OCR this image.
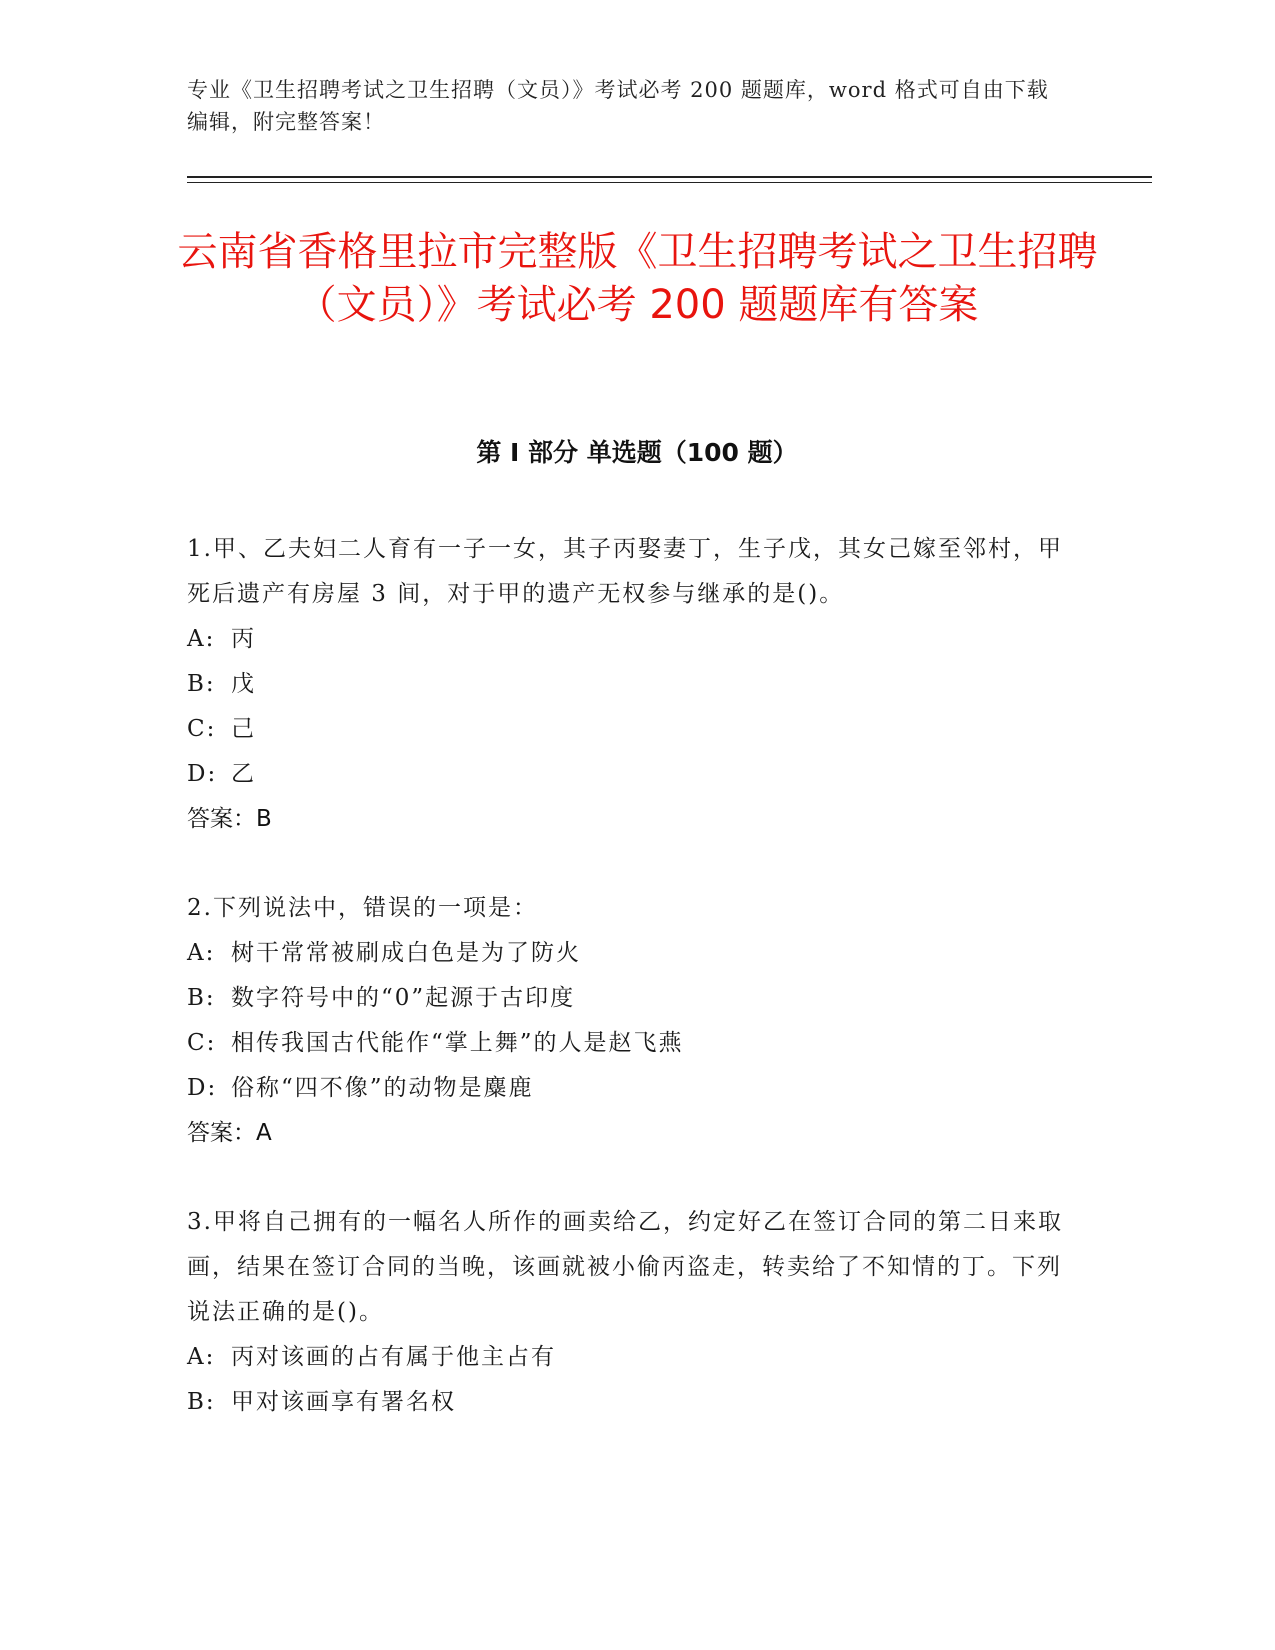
专业《卫生招聘考试之卫生招聘（文员）》考试必考 200 题题库，word 格式可自由下载编辑，附完整答案！
云南省香格里拉市完整版《卫生招聘考试之卫生招聘（文员）》考试必考 200 题题库有答案
第 I 部分 单选题（100 题）

1.甲、乙夫妇二人育有一子一女，其子丙娶妻丁，生子戊，其女己嫁至邻村，甲死后遗产有房屋 3 间，对于甲的遗产无权参与继承的是()。

A: 丙

B: 戊

C: 己

D: 乙

答案：B

2.下列说法中，错误的一项是：

A: 树干常常被刷成白色是为了防火

B: 数字符号中的“0”起源于古印度

C: 相传我国古代能作“掌上舞”的人是赵飞燕

D: 俗称“四不像”的动物是麋鹿

答案：A

3.甲将自己拥有的一幅名人所作的画卖给乙，约定好乙在签订合同的第二日来取画，结果在签订合同的当晚，该画就被小偷丙盗走，转卖给了不知情的丁。下列说法正确的是()。

A: 丙对该画的占有属于他主占有

B: 甲对该画享有署名权
